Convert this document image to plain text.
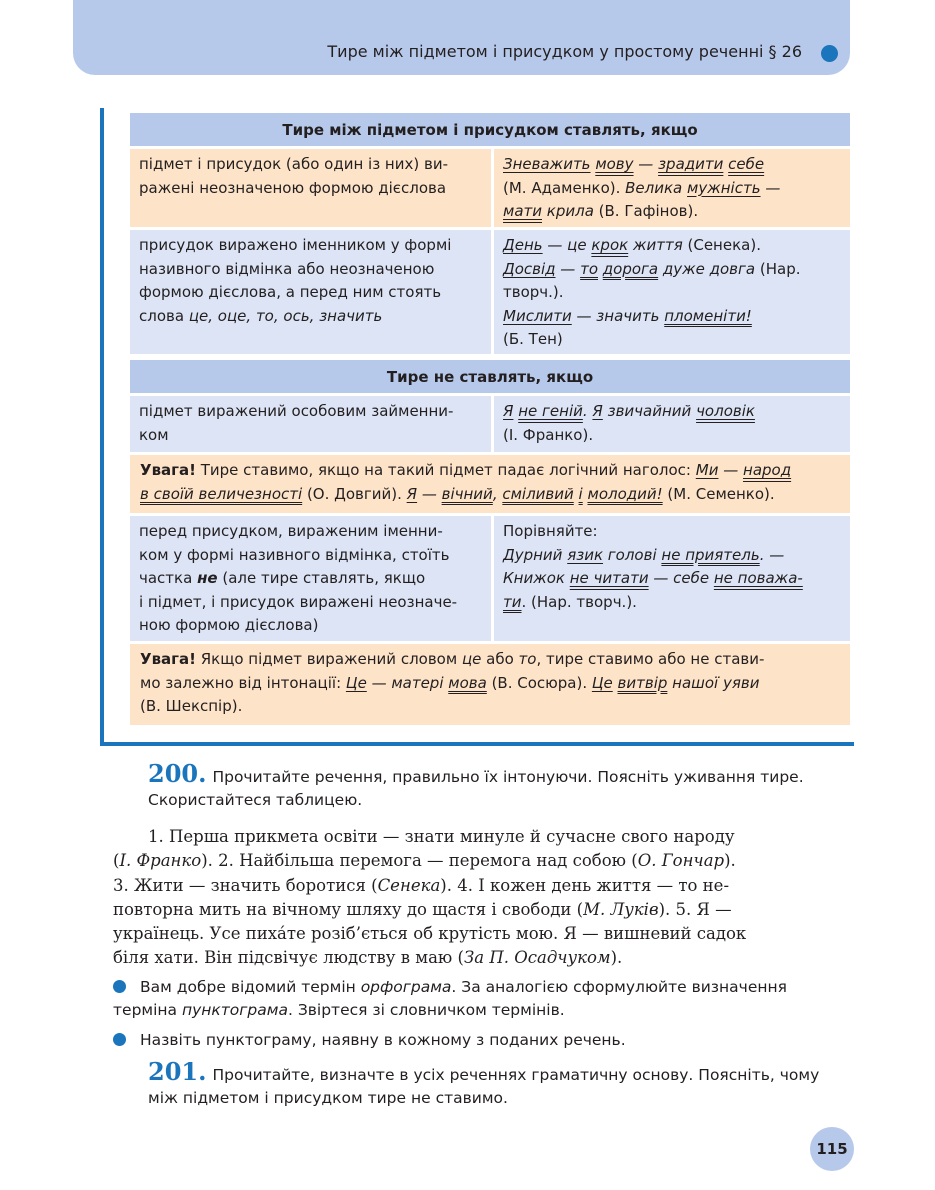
Тире між підметом і присудком у простому реченні § 26
Тире між підметом і присудком ставлять, якщо
підмет і присудок (або один із них) ви-
ражені неозначеною формою дієслова
Зневажить мову — зрадити себе
(М. Адаменко). Велика мужність —
мати крила (В. Гафінов).
присудок виражено іменником у формі
називного відмінка або неозначеною
формою дієслова, а перед ним стоять
слова це, оце, то, ось, значить
День — це крок життя (Сенека).
Досвід — то дорога дуже довга (Нар.
творч.).
Мислити — значить пломеніти!
(Б. Тен)
Тире не ставлять, якщо
підмет виражений особовим займенни-
ком
Я не геній. Я звичайний чоловік
(І. Франко).
Увага! Тире ставимо, якщо на такий підмет падає логічний наголос: Ми — народ
в своїй величезності (О. Довгий). Я — вічний, сміливий і молодий! (М. Семенко).
перед присудком, вираженим іменни-
ком у формі називного відмінка, стоїть
частка не (але тире ставлять, якщо
і підмет, і присудок виражені неозначе-
ною формою дієслова)
Порівняйте:
Дурний язик голові не приятель. —
Книжок не читати — себе не поважа-
ти. (Нар. творч.).
Увага! Якщо підмет виражений словом це або то, тире ставимо або не стави-
мо залежно від інтонації: Це — матері мова (В. Сосюра). Це витвір нашої уяви
(В. Шекспір).
200. Прочитайте речення, правильно їх інтонуючи. Поясніть уживання тире.
Скористайтеся таблицею.
1. Перша прикмета освіти — знати минуле й сучасне свого народу
(І. Франко). 2. Найбільша перемога — перемога над собою (О. Гончар).
3. Жити — значить боротися (Сенека). 4. І кожен день життя — то не-
повторна мить на вічному шляху до щастя і свободи (М. Луків). 5. Я —
українець. Усе пиха́те розіб’ється об крутість мою. Я — вишневий садок
біля хати. Він підсвічує людству в маю (За П. Осадчуком).
Вам добре відомий термін орфограма. За аналогією сформулюйте визначення
терміна пунктограма. Звіртеся зі словничком термінів.
Назвіть пунктограму, наявну в кожному з поданих речень.
201. Прочитайте, визначте в усіх реченнях граматичну основу. Поясніть, чому
між підметом і присудком тире не ставимо.
115
